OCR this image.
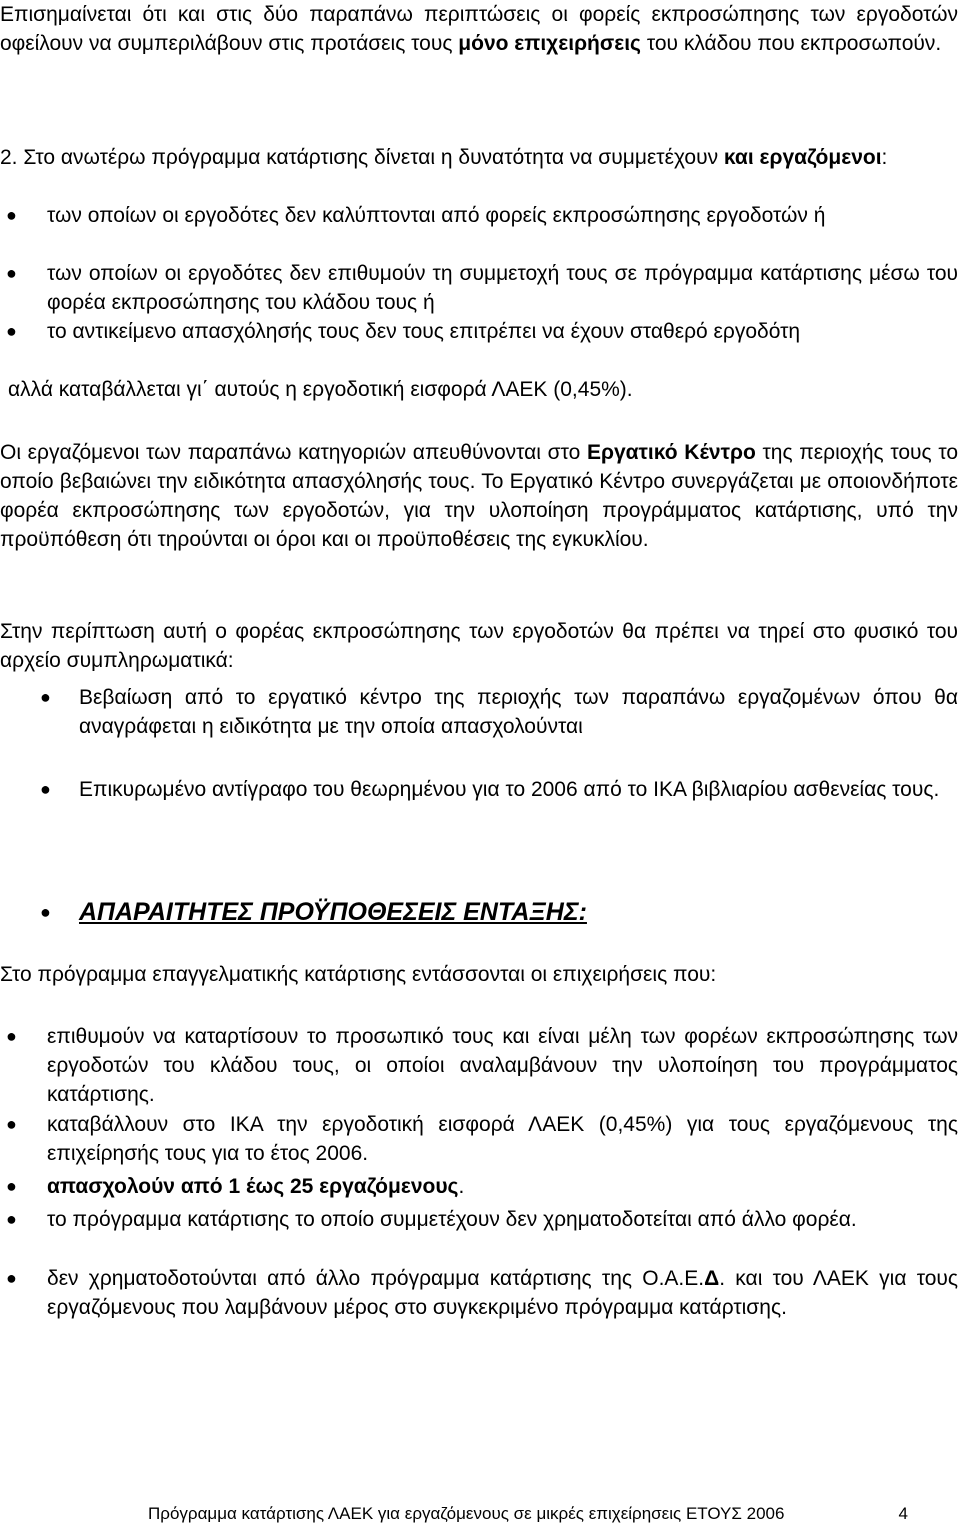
Επισημαίνεται ότι και στις δύο παραπάνω περιπτώσεις οι φορείς εκπροσώπησης των εργοδοτών οφείλουν να συμπεριλάβουν στις προτάσεις τους μόνο επιχειρήσεις του κλάδου που εκπροσωπούν.

2. Στο ανωτέρω πρόγραμμα κατάρτισης δίνεται η δυνατότητα να συμμετέχουν και εργαζόμενοι:

● των οποίων οι εργοδότες δεν καλύπτονται από φορείς εκπροσώπησης εργοδοτών ή

● των οποίων οι εργοδότες δεν επιθυμούν τη συμμετοχή τους σε πρόγραμμα κατάρτισης μέσω του φορέα εκπροσώπησης του κλάδου τους ή

● το αντικείμενο απασχόλησής τους δεν τους επιτρέπει να έχουν σταθερό εργοδότη

αλλά καταβάλλεται γι΄ αυτούς η εργοδοτική εισφορά ΛΑΕΚ (0,45%).

Οι εργαζόμενοι των παραπάνω κατηγοριών απευθύνονται στο Εργατικό Κέντρο της περιοχής τους το οποίο βεβαιώνει την ειδικότητα απασχόλησής τους. Το Εργατικό Κέντρο συνεργάζεται με οποιονδήποτε φορέα εκπροσώπησης των εργοδοτών, για την υλοποίηση προγράμματος κατάρτισης, υπό την προϋπόθεση ότι τηρούνται οι όροι και οι προϋποθέσεις της εγκυκλίου.

Στην περίπτωση αυτή ο φορέας εκπροσώπησης των εργοδοτών θα πρέπει να τηρεί στο φυσικό του αρχείο συμπληρωματικά:

● Βεβαίωση από το εργατικό κέντρο της περιοχής των παραπάνω εργαζομένων όπου θα αναγράφεται η ειδικότητα με την οποία απασχολούνται

● Επικυρωμένο αντίγραφο του θεωρημένου για το 2006 από το ΙΚΑ βιβλιαρίου ασθενείας τους.

● ΑΠΑΡΑΙΤΗΤΕΣ ΠΡΟΫΠΟΘΕΣΕΙΣ ΕΝΤΑΞΗΣ:

Στο πρόγραμμα επαγγελματικής κατάρτισης εντάσσονται οι επιχειρήσεις που:

● επιθυμούν να καταρτίσουν το προσωπικό τους και είναι μέλη των φορέων εκπροσώπησης των εργοδοτών του κλάδου τους, οι οποίοι αναλαμβάνουν την υλοποίηση του προγράμματος κατάρτισης.

● καταβάλλουν στο ΙΚΑ την εργοδοτική εισφορά ΛΑΕΚ (0,45%) για τους εργαζόμενους της επιχείρησής τους για το έτος 2006.

● απασχολούν από 1 έως 25 εργαζόμενους.

● το πρόγραμμα κατάρτισης το οποίο συμμετέχουν δεν χρηματοδοτείται από άλλο φορέα.

● δεν χρηματοδοτούνται από άλλο πρόγραμμα κατάρτισης της Ο.Α.Ε.Δ. και του ΛΑΕΚ για τους εργαζόμενους που λαμβάνουν μέρος στο συγκεκριμένο πρόγραμμα κατάρτισης.

Πρόγραμμα κατάρτισης ΛΑΕΚ για εργαζόμενους σε μικρές επιχείρησεις ΕΤΟΥΣ 2006	4
